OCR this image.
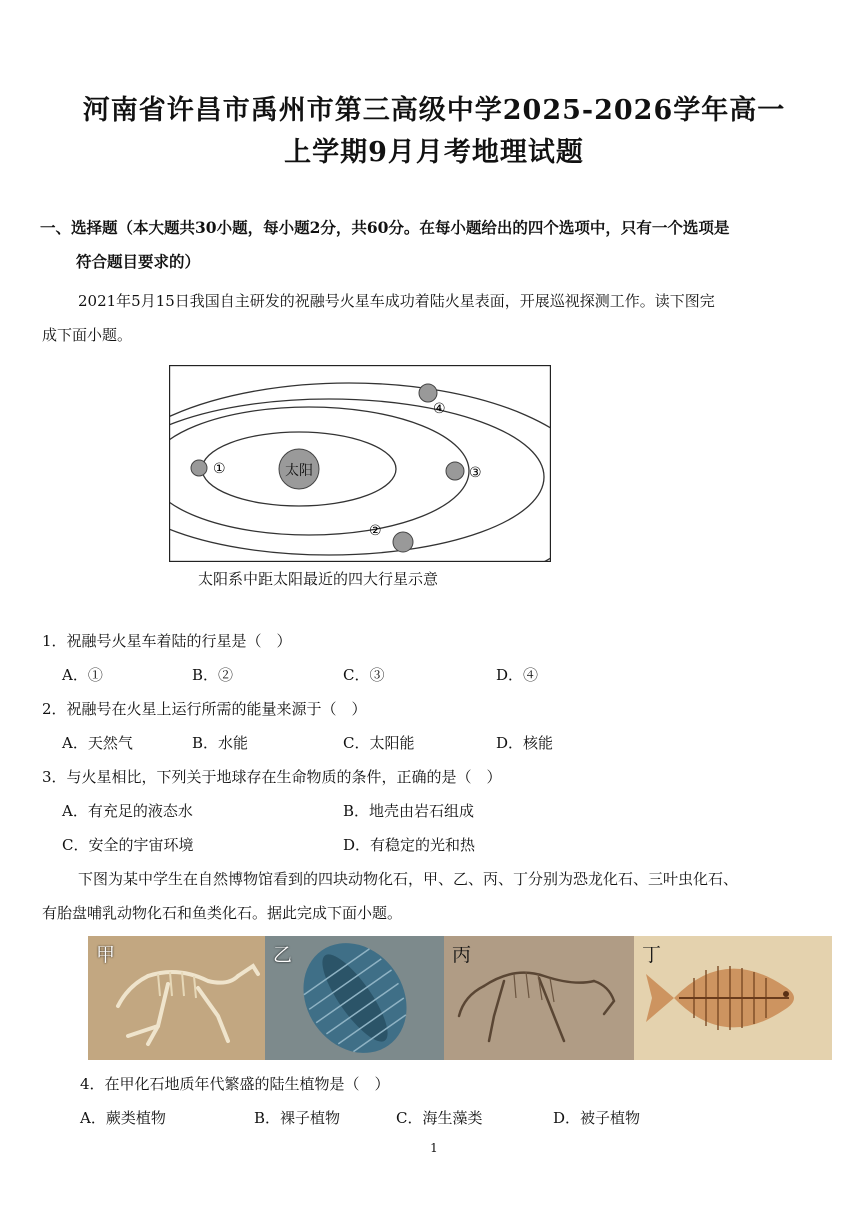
河南省许昌市禹州市第三高级中学2025-2026学年高一
上学期9月月考地理试题
一、选择题（本大题共30小题，每小题2分，共60分。在每小题给出的四个选项中，只有一个选项是
符合题目要求的）
2021年5月15日我国自主研发的祝融号火星车成功着陆火星表面，开展巡视探测工作。读下图完
成下面小题。
太阳
①
②
③
④
太阳系中距太阳最近的四大行星示意
1．祝融号火星车着陆的行星是（　）
A．①	B．②	C．③	D．④
2．祝融号在火星上运行所需的能量来源于（　）
A．天然气	B．水能	C．太阳能	D．核能
3．与火星相比，下列关于地球存在生命物质的条件，正确的是（　）
A．有充足的液态水	B．地壳由岩石组成
C．安全的宇宙环境	D．有稳定的光和热
下图为某中学生在自然博物馆看到的四块动物化石，甲、乙、丙、丁分别为恐龙化石、三叶虫化石、
有胎盘哺乳动物化石和鱼类化石。据此完成下面小题。
甲	乙	丙	丁
4．在甲化石地质年代繁盛的陆生植物是（　）
A．蕨类植物	B．裸子植物	C．海生藻类	D．被子植物
1
